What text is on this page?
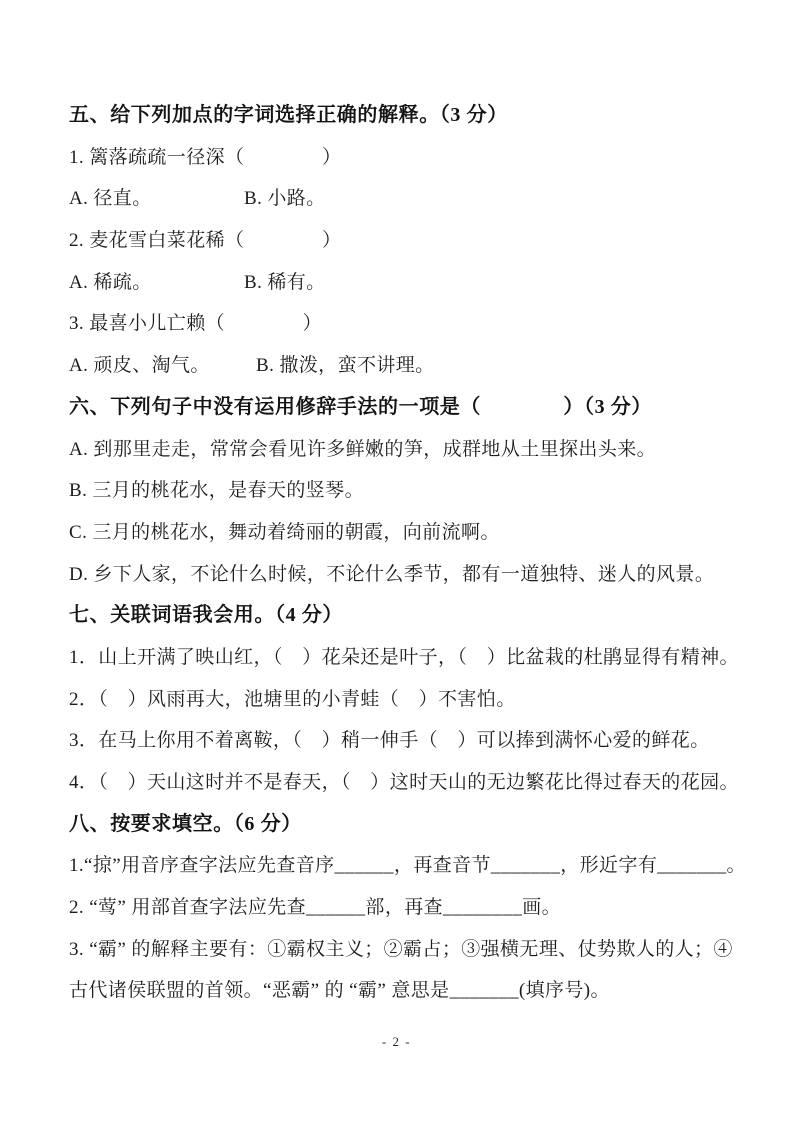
五、给下列加点的字词选择正确的解释。（3 分）

1. 篱落疏疏一径深（　　　　）

A. 径直。	B. 小路。

2. 麦花雪白菜花稀（　　　　）

A. 稀疏。	B. 稀有。

3. 最喜小儿亡赖（　　　　）

A. 顽皮、淘气。 B. 撒泼，蛮不讲理。

六、下列句子中没有运用修辞手法的一项是（　　　　）（3 分）

A. 到那里走走，常常会看见许多鲜嫩的笋，成群地从土里探出头来。

B. 三月的桃花水，是春天的竖琴。

C. 三月的桃花水，舞动着绮丽的朝霞，向前流啊。

D. 乡下人家，不论什么时候，不论什么季节，都有一道独特、迷人的风景。

七、关联词语我会用。（4 分）

1．山上开满了映山红，（　）花朵还是叶子，（　）比盆栽的杜鹃显得有精神。

2．（　）风雨再大，池塘里的小青蛙（　）不害怕。

3．在马上你用不着离鞍，（　）稍一伸手（　）可以捧到满怀心爱的鲜花。

4．（　）天山这时并不是春天，（　）这时天山的无边繁花比得过春天的花园。

八、按要求填空。（6 分）

1.“掠”用音序查字法应先查音序______，再查音节_______，形近字有_______。

2. “莺” 用部首查字法应先查______部，再查________画。

3. “霸” 的解释主要有：①霸权主义；②霸占；③强横无理、仗势欺人的人；④

古代诸侯联盟的首领。“恶霸” 的 “霸” 意思是_______(填序号)。

- 2 -
